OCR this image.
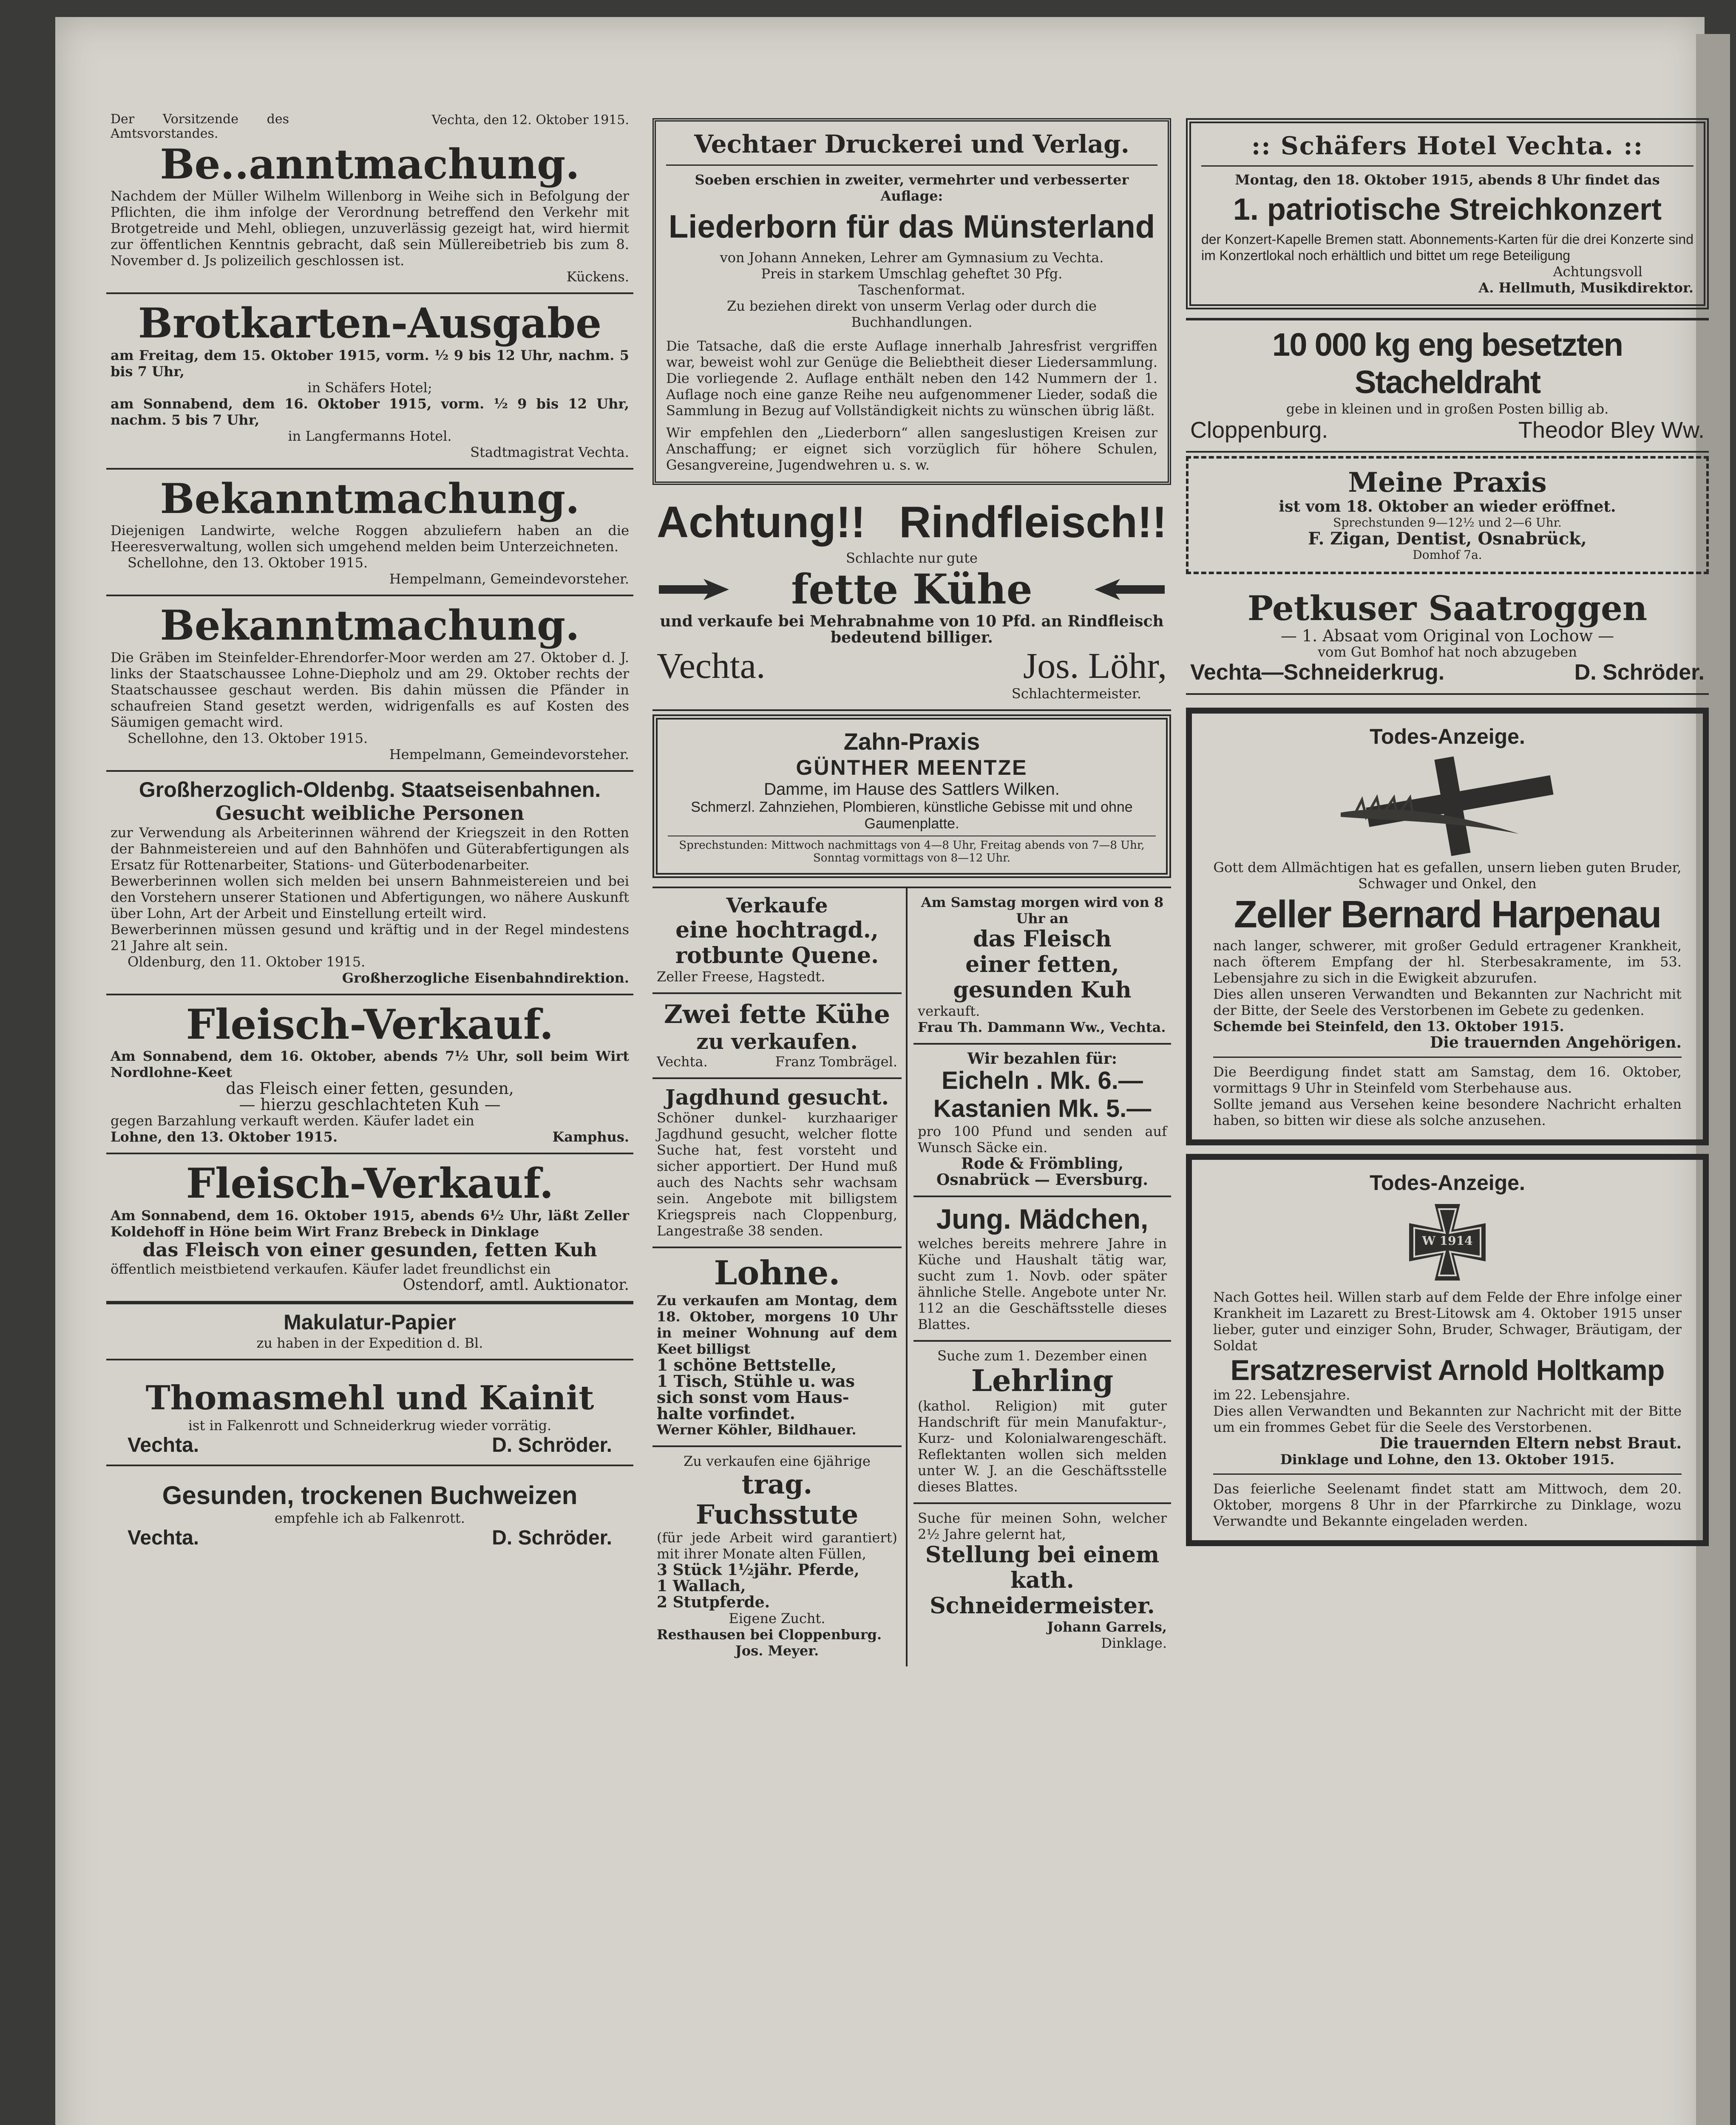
Der Vorsitzende des Amtsvorstandes.
Vechta, den 12. Oktober 1915.
Be..anntmachung.
Nachdem der Müller Wilhelm Willenborg in Weihe sich in Befolgung der Pflichten, die ihm infolge der Verordnung betreffend den Verkehr mit Brotgetreide und Mehl, obliegen, unzuverlässig gezeigt hat, wird hiermit zur öffentlichen Kenntnis gebracht, daß sein Müllereibetrieb bis zum 8. November d. Js polizeilich geschlossen ist.
Kückens.
Brotkarten-Ausgabe
am Freitag, dem 15. Oktober 1915, vorm. ½ 9 bis 12 Uhr, nachm. 5 bis 7 Uhr,
in Schäfers Hotel;
am Sonnabend, dem 16. Oktober 1915, vorm. ½ 9 bis 12 Uhr, nachm. 5 bis 7 Uhr,
in Langfermanns Hotel.
Stadtmagistrat Vechta.
Bekanntmachung.
Diejenigen Landwirte, welche Roggen abzuliefern haben an die Heeresverwaltung, wollen sich umgehend melden beim Unterzeichneten.
Schellohne, den 13. Oktober 1915.
Hempelmann, Gemeindevorsteher.
Bekanntmachung.
Die Gräben im Steinfelder-Ehrendorfer-Moor werden am 27. Oktober d. J. links der Staatschaussee Lohne-Diepholz und am 29. Oktober rechts der Staatschaussee geschaut werden. Bis dahin müssen die Pfänder in schaufreien Stand gesetzt werden, widrigenfalls es auf Kosten des Säumigen gemacht wird.
Schellohne, den 13. Oktober 1915.
Hempelmann, Gemeindevorsteher.
Großherzoglich-Oldenbg. Staatseisenbahnen.
Gesucht weibliche Personen
zur Verwendung als Arbeiterinnen während der Kriegszeit in den Rotten der Bahnmeistereien und auf den Bahnhöfen und Güterabfertigungen als Ersatz für Rottenarbeiter, Stations- und Güterbodenarbeiter.
Bewerberinnen wollen sich melden bei unsern Bahnmeistereien und bei den Vorstehern unserer Stationen und Abfertigungen, wo nähere Auskunft über Lohn, Art der Arbeit und Einstellung erteilt wird.
Bewerberinnen müssen gesund und kräftig und in der Regel mindestens 21 Jahre alt sein.
Oldenburg, den 11. Oktober 1915.
Großherzogliche Eisenbahndirektion.
Fleisch-Verkauf.
Am Sonnabend, dem 16. Oktober, abends 7½ Uhr, soll beim Wirt Nordlohne-Keet
das Fleisch einer fetten, gesunden,
— hierzu geschlachteten Kuh —
gegen Barzahlung verkauft werden. Käufer ladet ein
Lohne, den 13. Oktober 1915.	Kamphus.
Fleisch-Verkauf.
Am Sonnabend, dem 16. Oktober 1915, abends 6½ Uhr, läßt Zeller Koldehoff in Höne beim Wirt Franz Brebeck in Dinklage
das Fleisch von einer gesunden, fetten Kuh
öffentlich meistbietend verkaufen. Käufer ladet freundlichst ein
Ostendorf, amtl. Auktionator.
Makulatur-Papier
zu haben in der Expedition d. Bl.
Thomasmehl und Kainit
ist in Falkenrott und Schneiderkrug wieder vorrätig.
Vechta.	D. Schröder.
Gesunden, trockenen Buchweizen
empfehle ich ab Falkenrott.
Vechta.	D. Schröder.
Vechtaer Druckerei und Verlag.
Soeben erschien in zweiter, vermehrter und verbesserter Auflage:
Liederborn für das Münsterland
von Johann Anneken, Lehrer am Gymnasium zu Vechta.
Preis in starkem Umschlag geheftet 30 Pfg.
Taschenformat.
Zu beziehen direkt von unserm Verlag oder durch die Buchhandlungen.
Die Tatsache, daß die erste Auflage innerhalb Jahresfrist vergriffen war, beweist wohl zur Genüge die Beliebtheit dieser Liedersammlung. Die vorliegende 2. Auflage enthält neben den 142 Nummern der 1. Auflage noch eine ganze Reihe neu aufgenommener Lieder, sodaß die Sammlung in Bezug auf Vollständigkeit nichts zu wünschen übrig läßt.
Wir empfehlen den „Liederborn“ allen sangeslustigen Kreisen zur Anschaffung; er eignet sich vorzüglich für höhere Schulen, Gesangvereine, Jugendwehren u. s. w.
Achtung!! Rindfleisch!!
Schlachte nur gute
fette Kühe
und verkaufe bei Mehrabnahme von 10 Pfd. an Rindfleisch bedeutend billiger.
Vechta.	Jos. Löhr,
Schlachtermeister.
Zahn-Praxis
GÜNTHER MEENTZE
Damme, im Hause des Sattlers Wilken.
Schmerzl. Zahnziehen, Plombieren, künstliche Gebisse mit und ohne Gaumenplatte.
Sprechstunden: Mittwoch nachmittags von 4—8 Uhr, Freitag abends von 7—8 Uhr, Sonntag vormittags von 8—12 Uhr.
Verkaufe
eine hochtragd.,
rotbunte Quene.
Zeller Freese, Hagstedt.
Zwei fette Kühe
zu verkaufen.
Vechta.	Franz Tombrägel.
Jagdhund gesucht.
Schöner dunkel- kurzhaariger Jagdhund gesucht, welcher flotte Suche hat, fest vorsteht und sicher apportiert. Der Hund muß auch des Nachts sehr wachsam sein. Angebote mit billigstem Kriegspreis nach Cloppenburg, Langestraße 38 senden.
Lohne.
Zu verkaufen am Montag, dem 18. Oktober, morgens 10 Uhr in meiner Wohnung auf dem Keet billigst
1 schöne Bettstelle,
1 Tisch, Stühle u. was
sich sonst vom Haus-
halte vorfindet.
Werner Köhler, Bildhauer.
Zu verkaufen eine 6jährige
trag. Fuchsstute
(für jede Arbeit wird garantiert) mit ihrer Monate alten Füllen,
3 Stück 1½jähr. Pferde,
1 Wallach,
2 Stutpferde.
Eigene Zucht.
Resthausen bei Cloppenburg.
Jos. Meyer.
Am Samstag morgen wird von 8 Uhr an
das Fleisch
einer fetten,
gesunden Kuh
verkauft.
Frau Th. Dammann Ww., Vechta.
Wir bezahlen für:
Eicheln . Mk. 6.—
Kastanien Mk. 5.—
pro 100 Pfund und senden auf Wunsch Säcke ein.
Rode & Frömbling,
Osnabrück — Eversburg.
Jung. Mädchen,
welches bereits mehrere Jahre in Küche und Haushalt tätig war, sucht zum 1. Novb. oder später ähnliche Stelle. Angebote unter Nr. 112 an die Geschäftsstelle dieses Blattes.
Suche zum 1. Dezember einen
Lehrling
(kathol. Religion) mit guter Handschrift für mein Manufaktur-, Kurz- und Kolonialwarengeschäft. Reflektanten wollen sich melden unter W. J. an die Geschäftsstelle dieses Blattes.
Suche für meinen Sohn, welcher 2½ Jahre gelernt hat,
Stellung bei einem kath. Schneidermeister.
Johann Garrels,
Dinklage.
:: Schäfers Hotel Vechta. ::
Montag, den 18. Oktober 1915, abends 8 Uhr findet das
1. patriotische Streichkonzert
der Konzert-Kapelle Bremen statt. Abonnements-Karten für die drei Konzerte sind im Konzertlokal noch erhältlich und bittet um rege Beteiligung
Achtungsvoll
A. Hellmuth, Musikdirektor.
10 000 kg eng besetzten Stacheldraht
gebe in kleinen und in großen Posten billig ab.
Cloppenburg.	Theodor Bley Ww.
Meine Praxis
ist vom 18. Oktober an wieder eröffnet.
Sprechstunden 9—12½ und 2—6 Uhr.
F. Zigan, Dentist, Osnabrück,
Domhof 7a.
Petkuser Saatroggen
— 1. Absaat vom Original von Lochow —
vom Gut Bomhof hat noch abzugeben
Vechta—Schneiderkrug.	D. Schröder.
Todes-Anzeige.
Gott dem Allmächtigen hat es gefallen, unsern lieben guten Bruder, Schwager und Onkel, den
Zeller Bernard Harpenau
nach langer, schwerer, mit großer Geduld ertragener Krankheit, nach öfterem Empfang der hl. Sterbesakramente, im 53. Lebensjahre zu sich in die Ewigkeit abzurufen.
Dies allen unseren Verwandten und Bekannten zur Nachricht mit der Bitte, der Seele des Verstorbenen im Gebete zu gedenken.
Schemde bei Steinfeld, den 13. Oktober 1915.
Die trauernden Angehörigen.
Die Beerdigung findet statt am Samstag, dem 16. Oktober, vormittags 9 Uhr in Steinfeld vom Sterbehause aus.
Sollte jemand aus Versehen keine besondere Nachricht erhalten haben, so bitten wir diese als solche anzusehen.
Todes-Anzeige.
W 1914
Nach Gottes heil. Willen starb auf dem Felde der Ehre infolge einer Krankheit im Lazarett zu Brest-Litowsk am 4. Oktober 1915 unser lieber, guter und einziger Sohn, Bruder, Schwager, Bräutigam, der Soldat
Ersatzreservist Arnold Holtkamp
im 22. Lebensjahre.
Dies allen Verwandten und Bekannten zur Nachricht mit der Bitte um ein frommes Gebet für die Seele des Verstorbenen.
Die trauernden Eltern nebst Braut.
Dinklage und Lohne, den 13. Oktober 1915.
Das feierliche Seelenamt findet statt am Mittwoch, dem 20. Oktober, morgens 8 Uhr in der Pfarrkirche zu Dinklage, wozu Verwandte und Bekannte eingeladen werden.
